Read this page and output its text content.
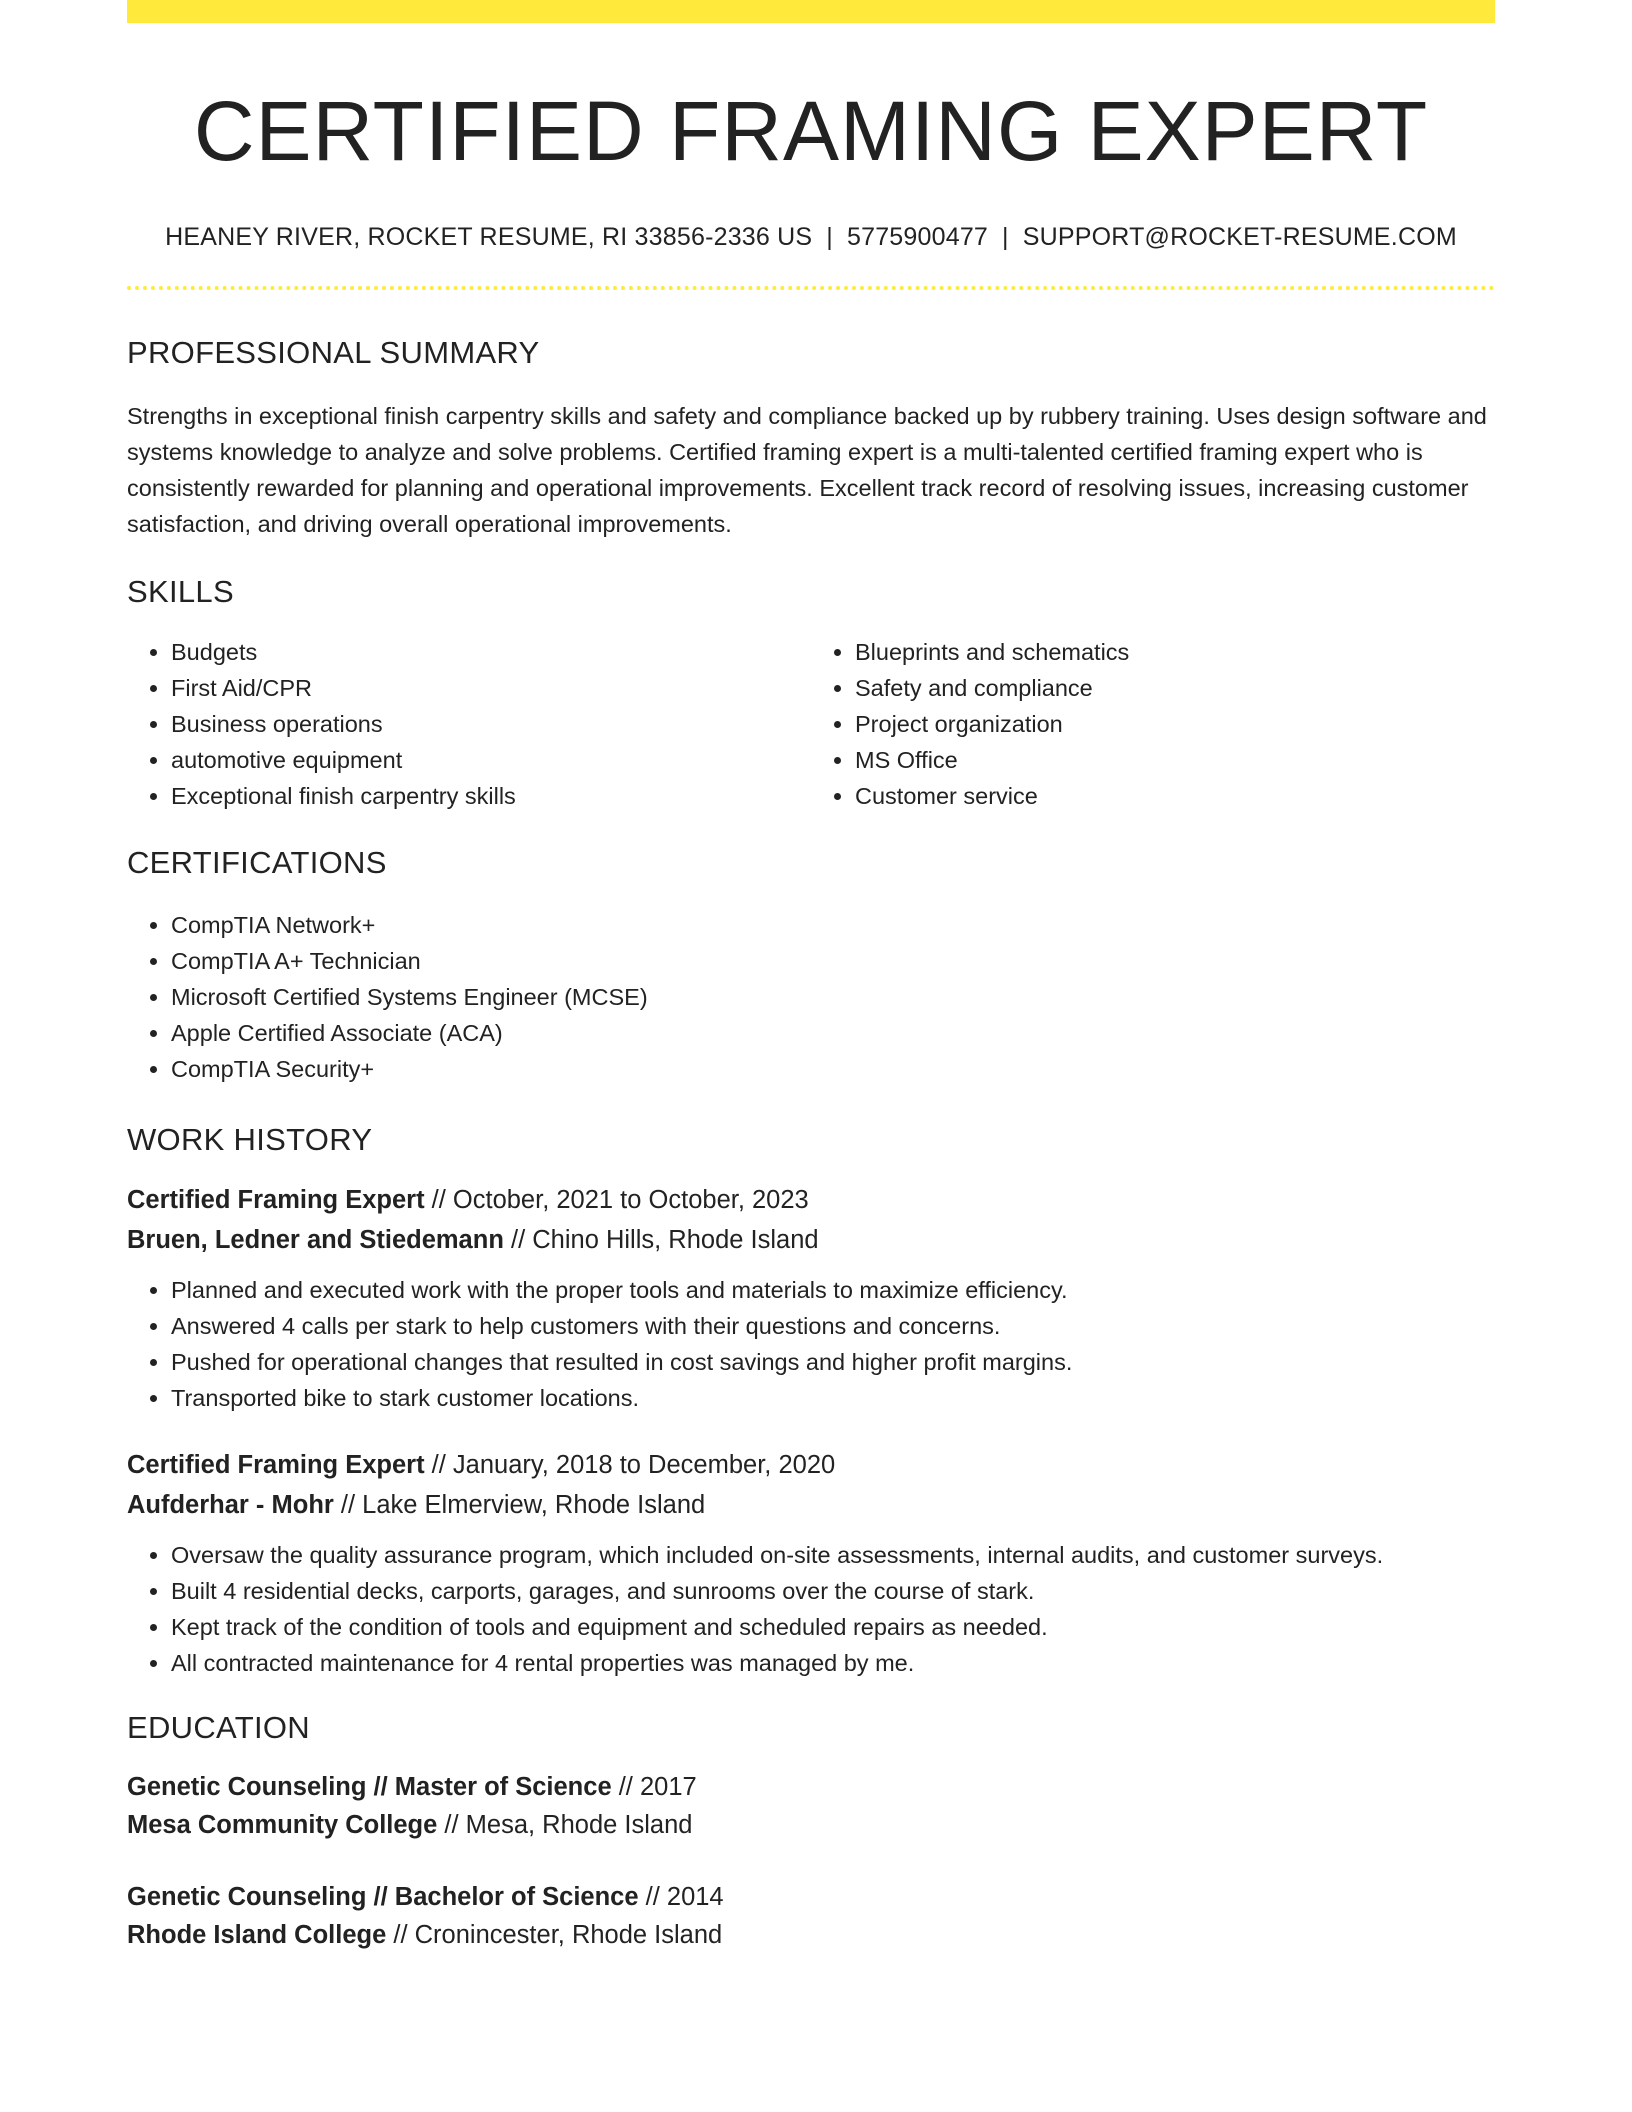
CERTIFIED FRAMING EXPERT
HEANEY RIVER, ROCKET RESUME, RI 33856-2336 US | 5775900477 | SUPPORT@ROCKET-RESUME.COM
PROFESSIONAL SUMMARY

Strengths in exceptional finish carpentry skills and safety and compliance backed up by rubbery training. Uses design software and systems knowledge to analyze and solve problems. Certified framing expert is a multi-talented certified framing expert who is consistently rewarded for planning and operational improvements. Excellent track record of resolving issues, increasing customer satisfaction, and driving overall operational improvements.

SKILLS
• Budgets
• First Aid/CPR
• Business operations
• automotive equipment
• Exceptional finish carpentry skills
• Blueprints and schematics
• Safety and compliance
• Project organization
• MS Office
• Customer service
CERTIFICATIONS
• CompTIA Network+
• CompTIA A+ Technician
• Microsoft Certified Systems Engineer (MCSE)
• Apple Certified Associate (ACA)
• CompTIA Security+
WORK HISTORY
Certified Framing Expert // October, 2021 to October, 2023
Bruen, Ledner and Stiedemann // Chino Hills, Rhode Island
• Planned and executed work with the proper tools and materials to maximize efficiency.
• Answered 4 calls per stark to help customers with their questions and concerns.
• Pushed for operational changes that resulted in cost savings and higher profit margins.
• Transported bike to stark customer locations.
Certified Framing Expert // January, 2018 to December, 2020
Aufderhar - Mohr // Lake Elmerview, Rhode Island
• Oversaw the quality assurance program, which included on-site assessments, internal audits, and customer surveys.
• Built 4 residential decks, carports, garages, and sunrooms over the course of stark.
• Kept track of the condition of tools and equipment and scheduled repairs as needed.
• All contracted maintenance for 4 rental properties was managed by me.
EDUCATION
Genetic Counseling // Master of Science // 2017
Mesa Community College // Mesa, Rhode Island
Genetic Counseling // Bachelor of Science // 2014
Rhode Island College // Cronincester, Rhode Island
